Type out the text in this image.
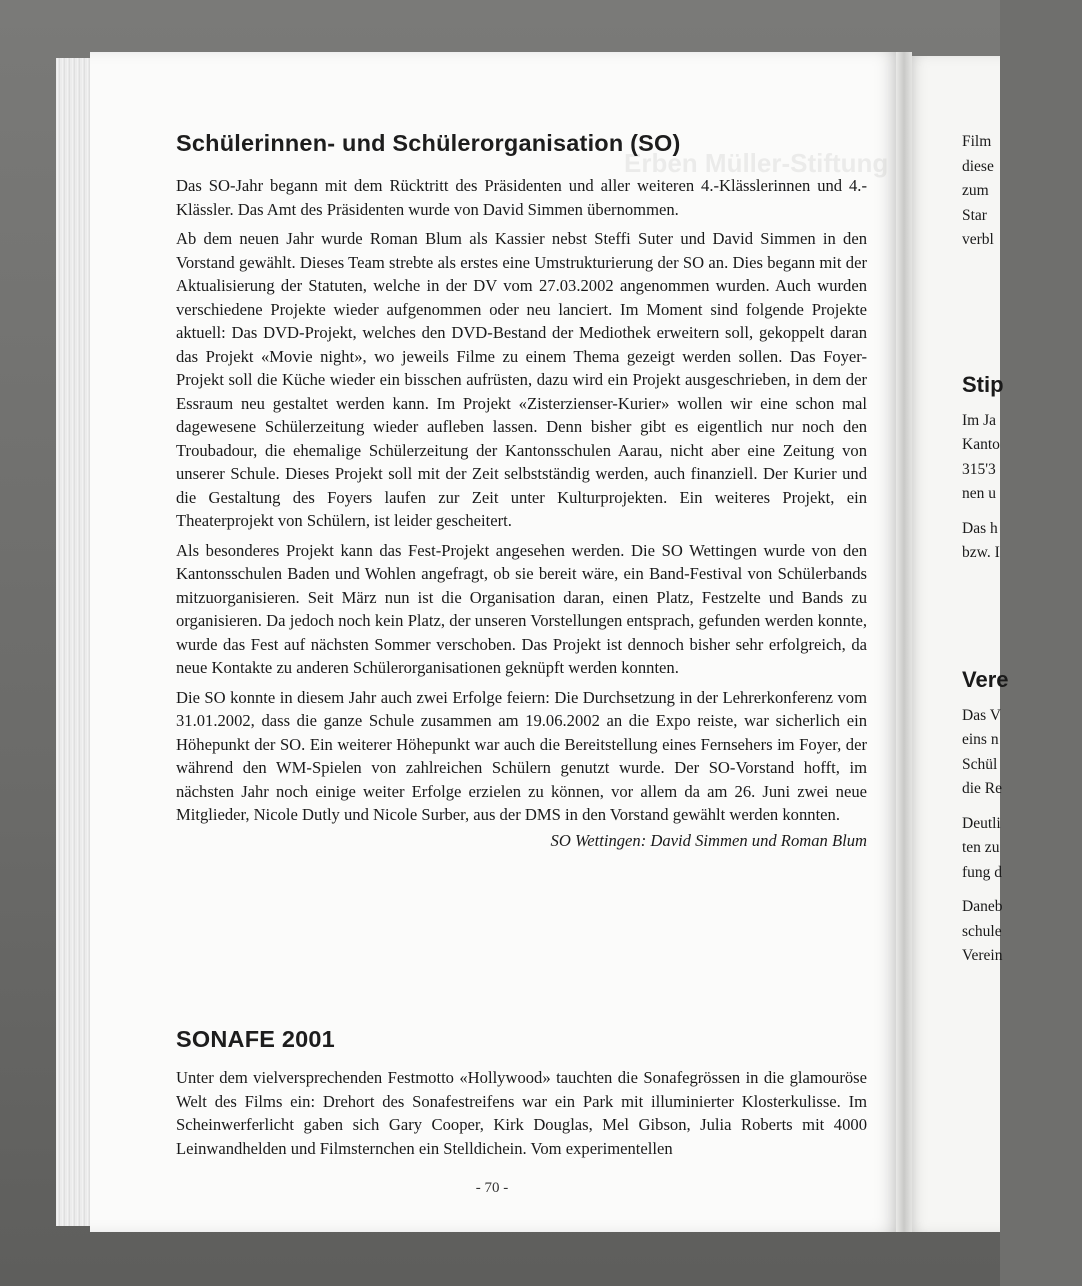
Erben Müller-Stiftung
Schülerinnen- und Schülerorganisation (SO)

Das SO-Jahr begann mit dem Rücktritt des Präsidenten und aller weiteren 4.-Klässlerinnen und 4.-Klässler. Das Amt des Präsidenten wurde von David Simmen übernommen.

Ab dem neuen Jahr wurde Roman Blum als Kassier nebst Steffi Suter und David Simmen in den Vorstand gewählt. Dieses Team strebte als erstes eine Umstrukturierung der SO an. Dies begann mit der Aktualisierung der Statuten, welche in der DV vom 27.03.2002 angenommen wurden. Auch wurden verschiedene Projekte wieder aufgenommen oder neu lanciert. Im Moment sind folgende Projekte aktuell: Das DVD-Projekt, welches den DVD-Bestand der Mediothek erweitern soll, gekoppelt daran das Projekt «Movie night», wo jeweils Filme zu einem Thema gezeigt werden sollen. Das Foyer-Projekt soll die Küche wieder ein bisschen aufrüsten, dazu wird ein Projekt ausgeschrieben, in dem der Essraum neu gestaltet werden kann. Im Projekt «Zisterzienser-Kurier» wollen wir eine schon mal dagewesene Schülerzeitung wieder aufleben lassen. Denn bisher gibt es eigentlich nur noch den Troubadour, die ehemalige Schülerzeitung der Kantonsschulen Aarau, nicht aber eine Zeitung von unserer Schule. Dieses Projekt soll mit der Zeit selbstständig werden, auch finanziell. Der Kurier und die Gestaltung des Foyers laufen zur Zeit unter Kulturprojekten. Ein weiteres Projekt, ein Theaterprojekt von Schülern, ist leider gescheitert.

Als besonderes Projekt kann das Fest-Projekt angesehen werden. Die SO Wettingen wurde von den Kantonsschulen Baden und Wohlen angefragt, ob sie bereit wäre, ein Band-Festival von Schülerbands mitzuorganisieren. Seit März nun ist die Organisation daran, einen Platz, Festzelte und Bands zu organisieren. Da jedoch noch kein Platz, der unseren Vorstellungen entsprach, gefunden werden konnte, wurde das Fest auf nächsten Sommer verschoben. Das Projekt ist dennoch bisher sehr erfolgreich, da neue Kontakte zu anderen Schülerorganisationen geknüpft werden konnten.

Die SO konnte in diesem Jahr auch zwei Erfolge feiern: Die Durchsetzung in der Lehrerkonferenz vom 31.01.2002, dass die ganze Schule zusammen am 19.06.2002 an die Expo reiste, war sicherlich ein Höhepunkt der SO. Ein weiterer Höhepunkt war auch die Bereitstellung eines Fernsehers im Foyer, der während den WM-Spielen von zahlreichen Schülern genutzt wurde. Der SO-Vorstand hofft, im nächsten Jahr noch einige weiter Erfolge erzielen zu können, vor allem da am 26. Juni zwei neue Mitglieder, Nicole Dutly und Nicole Surber, aus der DMS in den Vorstand gewählt werden konnten.

SO Wettingen: David Simmen und Roman Blum

SONAFE 2001

Unter dem vielversprechenden Festmotto «Hollywood» tauchten die Sonafegrössen in die glamouröse Welt des Films ein: Drehort des Sonafestreifens war ein Park mit illuminierter Klosterkulisse. Im Scheinwerferlicht gaben sich Gary Cooper, Kirk Douglas, Mel Gibson, Julia Roberts mit 4000 Leinwandhelden und Filmsternchen ein Stelldichein. Vom experimentellen

- 70 -
Film
diese
zum
Star
verbl
Stip
Im Ja
Kanto
315'3
nen u
Das h
bzw. I
Vere
Das V
eins n
Schül
die Re
Deutli
ten zu
fung d
Daneb
schule
Verein
